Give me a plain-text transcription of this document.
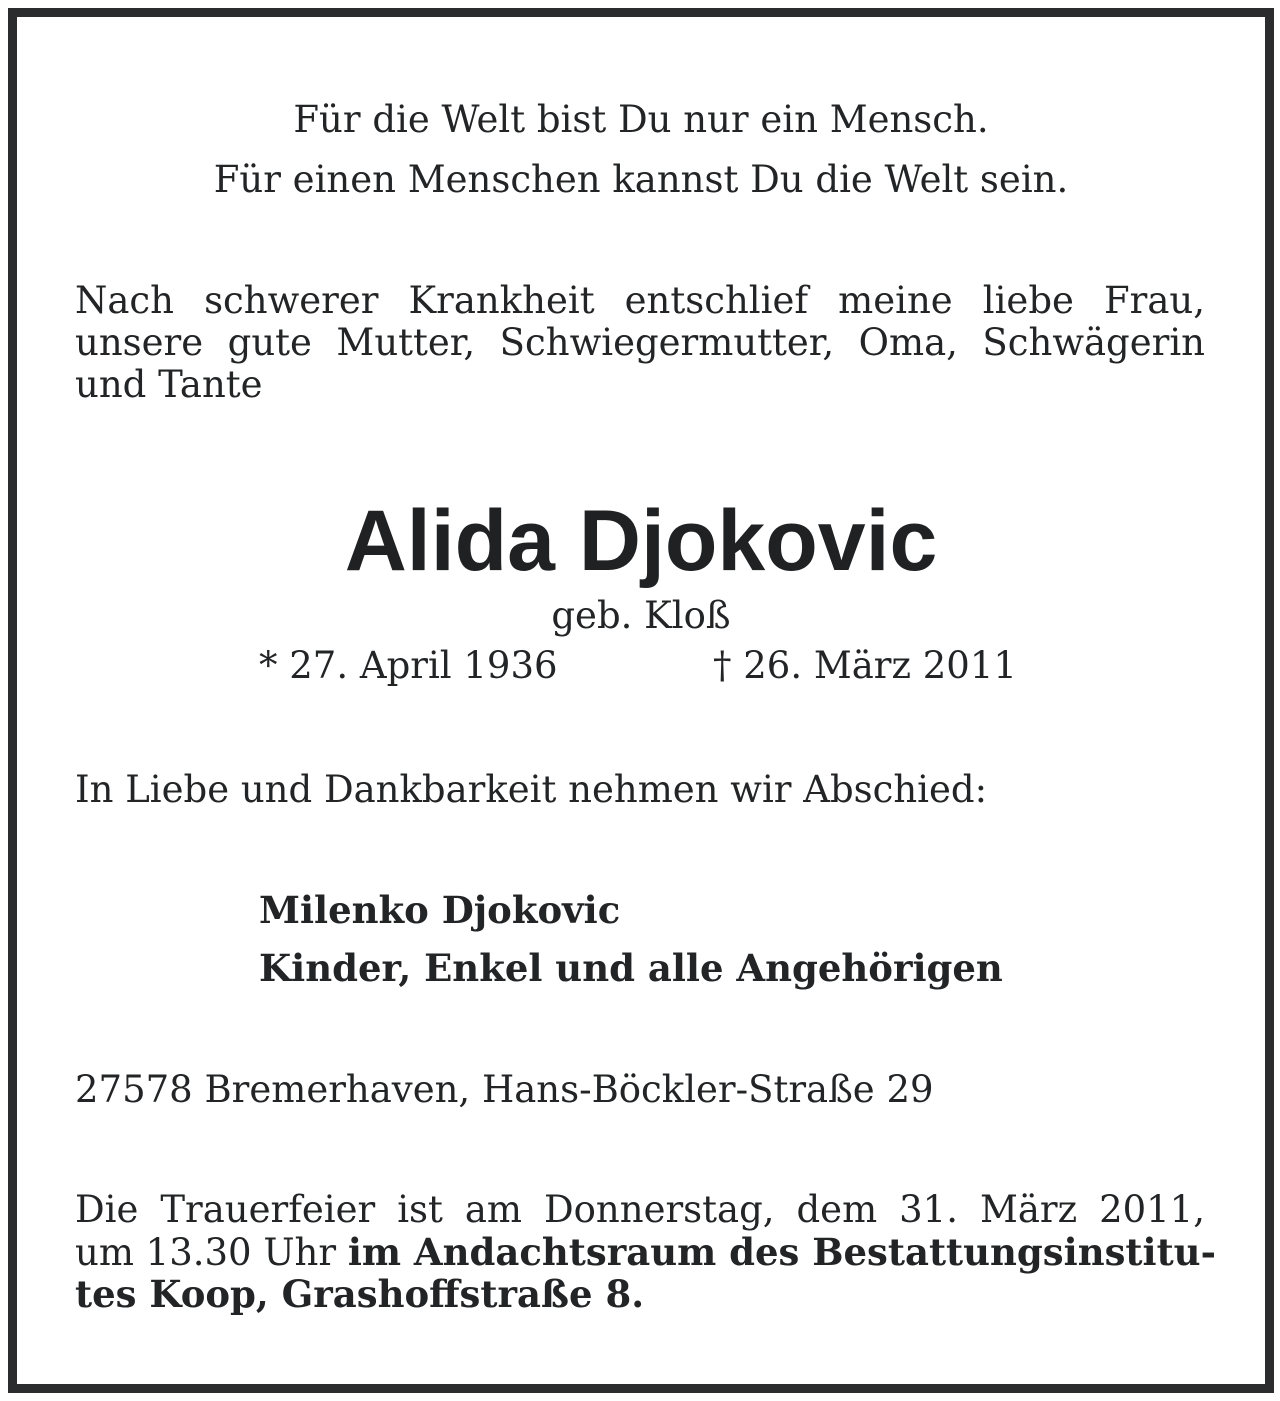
Für die Welt bist Du nur ein Mensch.
Für einen Menschen kannst Du die Welt sein.
Nach schwerer Krankheit entschlief meine liebe Frau,
unsere gute Mutter, Schwiegermutter, Oma, Schwägerin
und Tante
Alida Djokovic
geb. Kloß
* 27. April 1936	† 26. März 2011
In Liebe und Dankbarkeit nehmen wir Abschied:
Milenko Djokovic
Kinder, Enkel und alle Angehörigen
27578 Bremerhaven, Hans-Böckler-Straße 29
Die Trauerfeier ist am Donnerstag, dem 31. März 2011,
um 13.30 Uhr im Andachtsraum des Bestattungsinstitu-
tes Koop, Grashoffstraße 8.
